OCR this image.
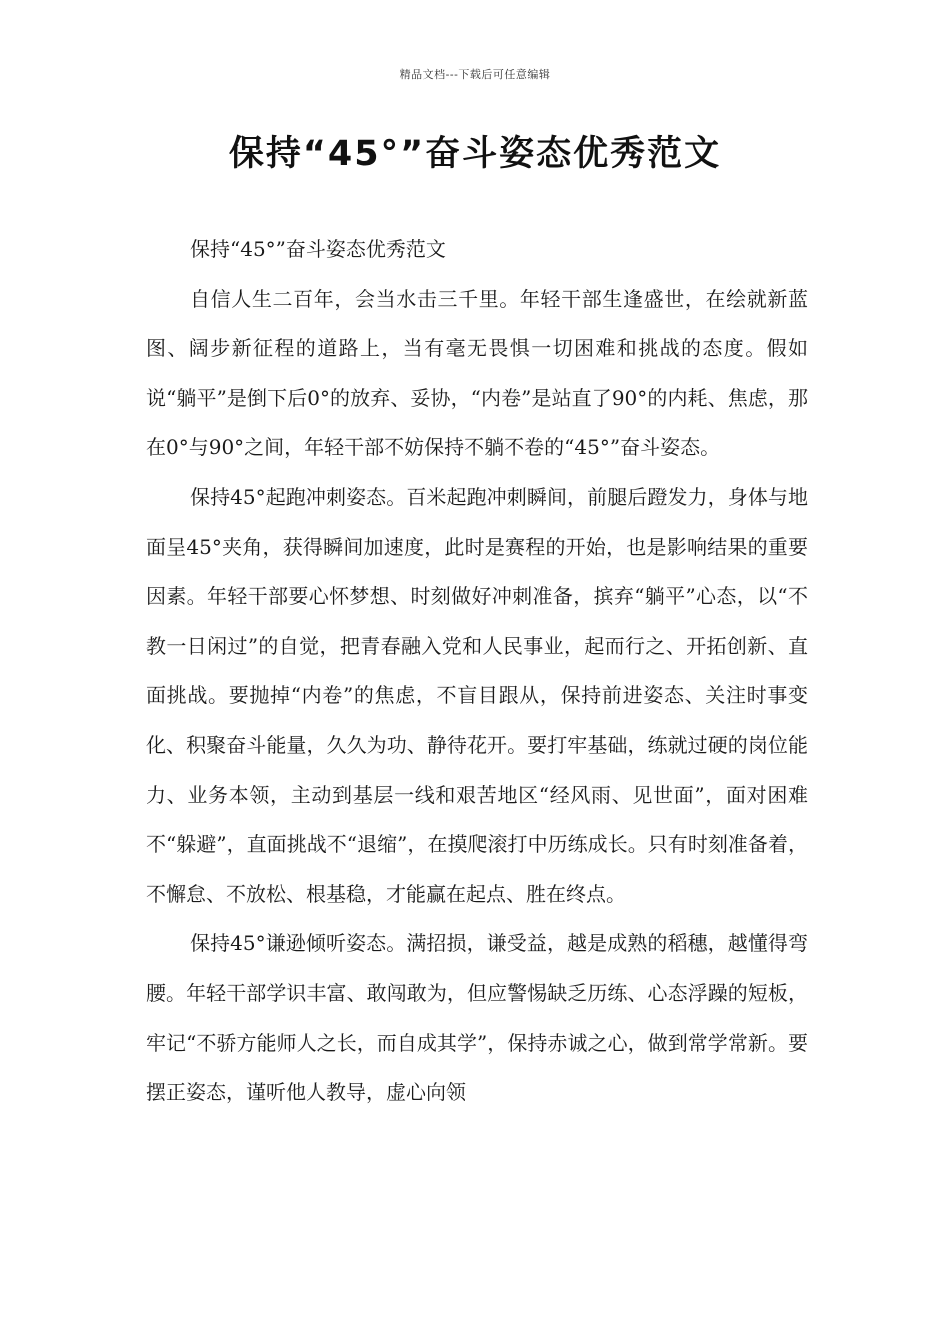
精品文档---下载后可任意编辑
保持“45°”奋斗姿态优秀范文

保持“45°”奋斗姿态优秀范文

自信人生二百年，会当水击三千里。年轻干部生逢盛世，在绘就新蓝图、阔步新征程的道路上，当有毫无畏惧一切困难和挑战的态度。假如说“躺平”是倒下后0°的放弃、妥协，“内卷”是站直了90°的内耗、焦虑，那在0°与90°之间，年轻干部不妨保持不躺不卷的“45°”奋斗姿态。

保持45°起跑冲刺姿态。百米起跑冲刺瞬间，前腿后蹬发力，身体与地面呈45°夹角，获得瞬间加速度，此时是赛程的开始，也是影响结果的重要因素。年轻干部要心怀梦想、时刻做好冲刺准备，摈弃“躺平”心态，以“不教一日闲过”的自觉，把青春融入党和人民事业，起而行之、开拓创新、直面挑战。要抛掉“内卷”的焦虑，不盲目跟从，保持前进姿态、关注时事变化、积聚奋斗能量，久久为功、静待花开。要打牢基础，练就过硬的岗位能力、业务本领，主动到基层一线和艰苦地区“经风雨、见世面”，面对困难不“躲避”，直面挑战不“退缩”，在摸爬滚打中历练成长。只有时刻准备着，不懈怠、不放松、根基稳，才能赢在起点、胜在终点。

保持45°谦逊倾听姿态。满招损，谦受益，越是成熟的稻穗，越懂得弯腰。年轻干部学识丰富、敢闯敢为，但应警惕缺乏历练、心态浮躁的短板，牢记“不骄方能师人之长，而自成其学”，保持赤诚之心，做到常学常新。要摆正姿态，谨听他人教导，虚心向领
